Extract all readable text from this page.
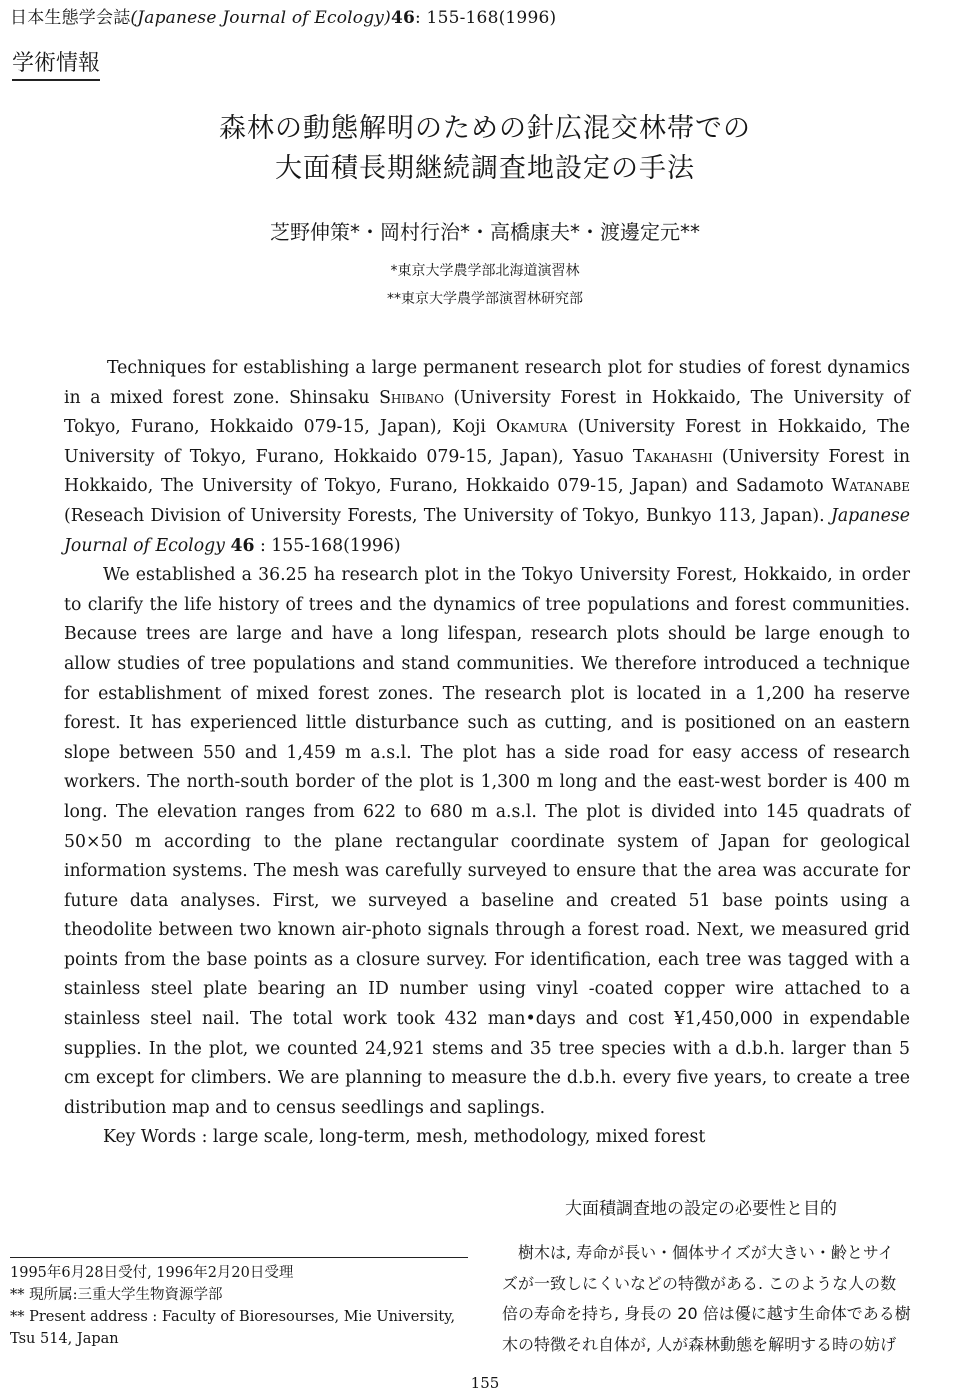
日本生態学会誌(Japanese Journal of Ecology)46: 155-168(1996)
学術情報
森林の動態解明のための針広混交林帯での
大面積長期継続調査地設定の手法
芝野伸策*・岡村行治*・高橋康夫*・渡邊定元**
*東京大学農学部北海道演習林
**東京大学農学部演習林研究部

Techniques for establishing a large permanent research plot for studies of forest dynamics in a mixed forest zone. Shinsaku Shibano (University Forest in Hokkaido, The University of Tokyo, Furano, Hokkaido 079-15, Japan), Koji Okamura (University Forest in Hokkaido, The University of Tokyo, Furano, Hokkaido 079-15, Japan), Yasuo Takahashi (University Forest in Hokkaido, The University of Tokyo, Furano, Hokkaido 079-15, Japan) and Sadamoto Watanabe (Reseach Division of University Forests, The University of Tokyo, Bunkyo 113, Japan). Japanese Journal of Ecology 46 : 155-168(1996)

We established a 36.25 ha research plot in the Tokyo University Forest, Hokkaido, in order to clarify the life history of trees and the dynamics of tree populations and forest communities. Because trees are large and have a long lifespan, research plots should be large enough to allow studies of tree populations and stand communities. We therefore introduced a technique for establishment of mixed forest zones. The research plot is located in a 1,200 ha reserve forest. It has experienced little disturbance such as cutting, and is positioned on an eastern slope between 550 and 1,459 m a.s.l. The plot has a side road for easy access of research workers. The north-south border of the plot is 1,300 m long and the east-west border is 400 m long. The elevation ranges from 622 to 680 m a.s.l. The plot is divided into 145 quadrats of 50×50 m according to the plane rectangular coordinate system of Japan for geological information systems. The mesh was carefully surveyed to ensure that the area was accurate for future data analyses. First, we surveyed a baseline and created 51 base points using a theodolite between two known air-photo signals through a forest road. Next, we measured grid points from the base points as a closure survey. For identification, each tree was tagged with a stainless steel plate bearing an ID number using vinyl -coated copper wire attached to a stainless steel nail. The total work took 432 man•days and cost ¥1,450,000 in expendable supplies. In the plot, we counted 24,921 stems and 35 tree species with a d.b.h. larger than 5 cm except for climbers. We are planning to measure the d.b.h. every five years, to create a tree distribution map and to census seedlings and saplings.

Key Words : large scale, long-term, mesh, methodology, mixed forest

大面積調査地の設定の必要性と目的
1995年6月28日受付, 1996年2月20日受理
** 現所属:三重大学生物資源学部
** Present address : Faculty of Bioresourses, Mie University, Tsu 514, Japan
樹木は, 寿命が長い・個体サイズが大きい・齢とサイ
ズが一致しにくいなどの特徴がある. このような人の数
倍の寿命を持ち, 身長の 20 倍は優に越す生命体である樹
木の特徴それ自体が, 人が森林動態を解明する時の妨げ
155
